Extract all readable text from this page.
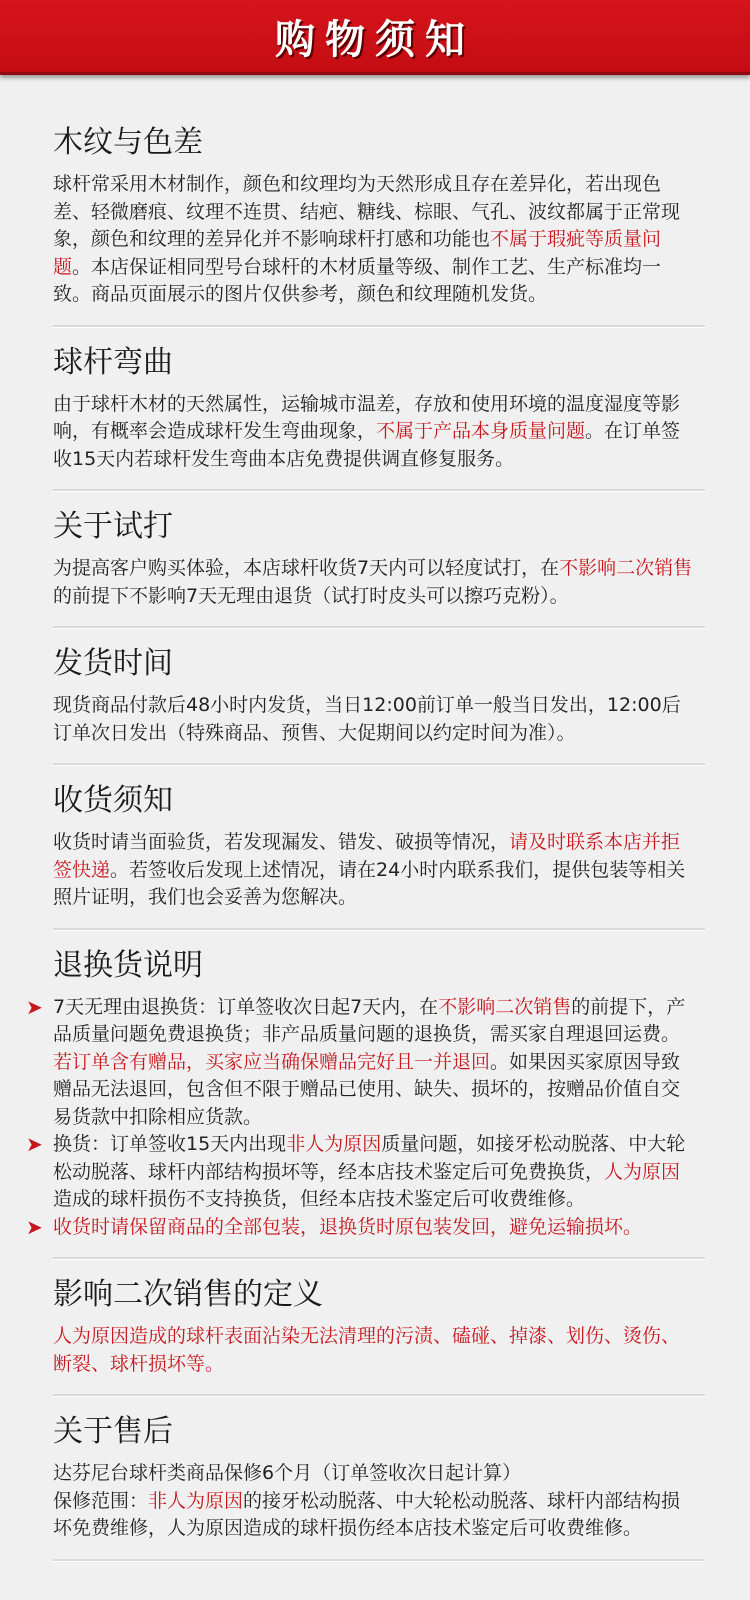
购物须知
木纹与色差

球杆常采用木材制作，颜色和纹理均为天然形成且存在差异化，若出现色差、轻微磨痕、纹理不连贯、结疤、糖线、棕眼、气孔、波纹都属于正常现象，颜色和纹理的差异化并不影响球杆打感和功能也不属于瑕疵等质量问题。本店保证相同型号台球杆的木材质量等级、制作工艺、生产标准均一致。商品页面展示的图片仅供参考，颜色和纹理随机发货。

球杆弯曲

由于球杆木材的天然属性，运输城市温差，存放和使用环境的温度湿度等影响，有概率会造成球杆发生弯曲现象，不属于产品本身质量问题。在订单签收15天内若球杆发生弯曲本店免费提供调直修复服务。

关于试打

为提高客户购买体验，本店球杆收货7天内可以轻度试打，在不影响二次销售的前提下不影响7天无理由退货（试打时皮头可以擦巧克粉）。

发货时间

现货商品付款后48小时内发货，当日12:00前订单一般当日发出，12:00后订单次日发出（特殊商品、预售、大促期间以约定时间为准）。

收货须知

收货时请当面验货，若发现漏发、错发、破损等情况，请及时联系本店并拒签快递。若签收后发现上述情况，请在24小时内联系我们，提供包装等相关照片证明，我们也会妥善为您解决。

退换货说明
➤ 7天无理由退换货：订单签收次日起7天内，在不影响二次销售的前提下，产品质量问题免费退换货；非产品质量问题的退换货，需买家自理退回运费。若订单含有赠品，买家应当确保赠品完好且一并退回。如果因买家原因导致赠品无法退回，包含但不限于赠品已使用、缺失、损坏的，按赠品价值自交易货款中扣除相应货款。
➤ 换货：订单签收15天内出现非人为原因质量问题，如接牙松动脱落、中大轮松动脱落、球杆内部结构损坏等，经本店技术鉴定后可免费换货，人为原因造成的球杆损伤不支持换货，但经本店技术鉴定后可收费维修。
➤ 收货时请保留商品的全部包装，退换货时原包装发回，避免运输损坏。
影响二次销售的定义

人为原因造成的球杆表面沾染无法清理的污渍、磕碰、掉漆、划伤、烫伤、断裂、球杆损坏等。

关于售后

达芬尼台球杆类商品保修6个月（订单签收次日起计算）

保修范围：非人为原因的接牙松动脱落、中大轮松动脱落、球杆内部结构损坏免费维修，人为原因造成的球杆损伤经本店技术鉴定后可收费维修。
